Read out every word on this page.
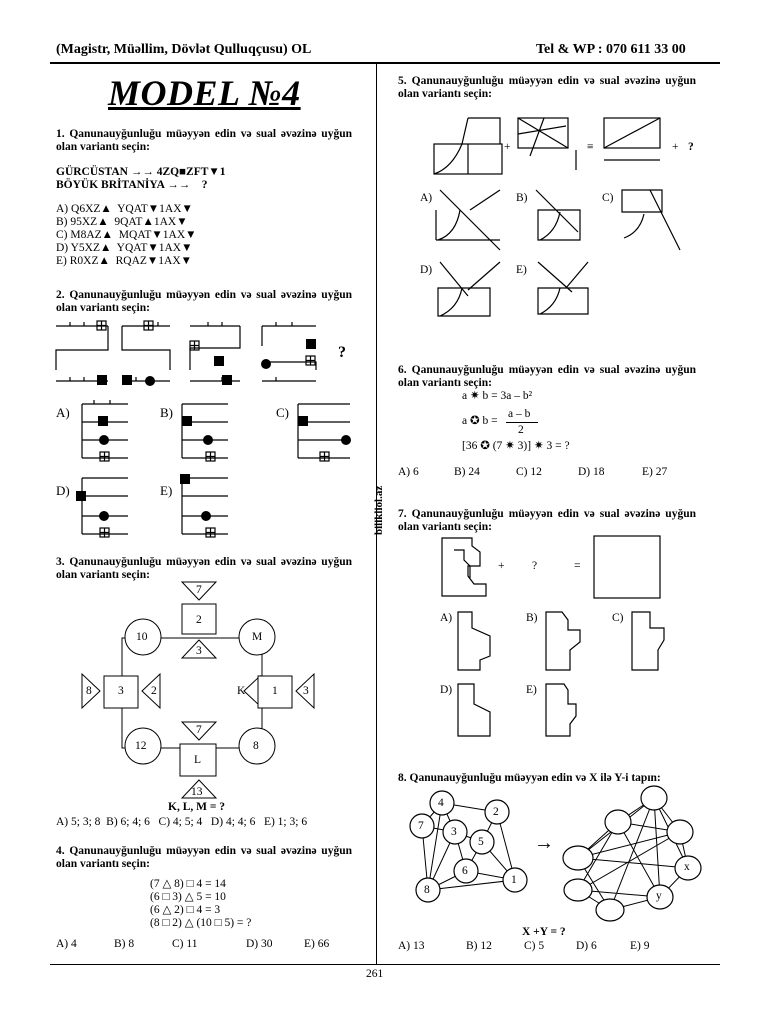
(Magistr, Müəllim, Dövlət Qulluqçusu) OL	Tel & WP : 070 611 33 00
261
bilikliol.az
MODEL №4
1. Qanunauyğunluğu müəyyən edin və sual əvəzinə uyğun olan variantı seçin:
GÜRCÜSTAN →→ 4ZQ■ZFT▼1
BÖYÜK BRİTANİYA →→    ?
A) Q6XZ▲  YQAT▼1AX▼
B) 95XZ▲  9QAT▲1AX▼
C) M8AZ▲  MQAT▼1AX▼
D) Y5XZ▲  YQAT▼1AX▼
E) R0XZ▲  RQAZ▼1AX▼
2. Qanunauyğunluğu müəyyən edin və sual əvəzinə uyğun olan variantı seçin:
?
A)	B)	C)
D)	E)
3. Qanunauyğunluğu müəyyən edin və sual əvəzinə uyğun olan variantı seçin:
7
2
3
10	M
8 3 2	K 1 3
7
L
13
12	8
K, L, M = ?
A) 5; 3; 8  B) 6; 4; 6   C) 4; 5; 4   D) 4; 4; 6   E) 1; 3; 6
4. Qanunauyğunluğu müəyyən edin və sual əvəzinə uyğun olan variantı seçin:
(7 △ 8) □ 4 = 14
(6 □ 3) △ 5 = 10
(6 △ 2) □ 4 = 3
(8 □ 2) △ (10 □ 5) = ?
A) 4	B) 8	C) 11	D) 30	E) 66
5. Qanunauyğunluğu müəyyən edin və sual əvəzinə uyğun olan variantı seçin:
+	≡	+ ?
A)	B)	C)
D)	E)
6. Qanunauyğunluğu müəyyən edin və sual əvəzinə uyğun olan variantı seçin:
a ✷ b = 3a – b²
a ✪ b =
a – b
2
[36 ✪ (7 ✷ 3)] ✷ 3 = ?
A) 6	B) 24	C) 12	D) 18	E) 27
7. Qanunauyğunluğu müəyyən edin və sual əvəzinə uyğun olan variantı seçin:
+ ?	=
A)	B)	C)
D)	E)
8. Qanunauyğunluğu müəyyən edin və X ilə Y-i tapın:
4
2
7 3
5
6
1
8
x
y
→
X +Y = ?
A) 13	B) 12	C) 5	D) 6	E) 9
